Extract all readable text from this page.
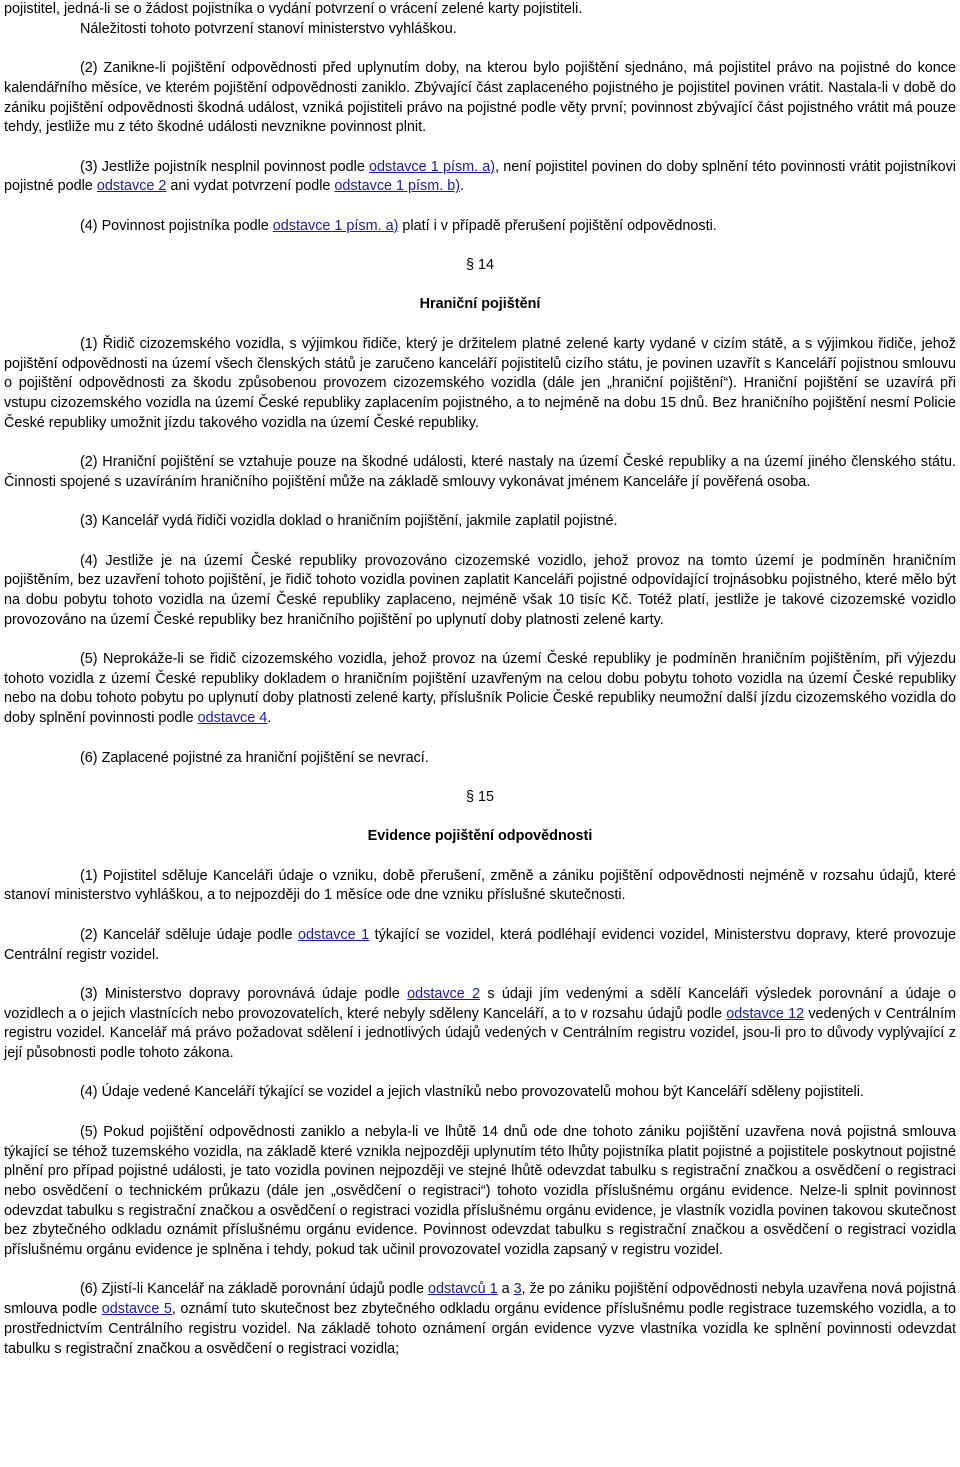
pojistitel, jedná-li se o žádost pojistníka o vydání potvrzení o vrácení zelené karty pojistiteli.

Náležitosti tohoto potvrzení stanoví ministerstvo vyhláškou.

(2) Zanikne-li pojištění odpovědnosti před uplynutím doby, na kterou bylo pojištění sjednáno, má pojistitel právo na pojistné do konce kalendářního měsíce, ve kterém pojištění odpovědnosti zaniklo. Zbývající část zaplaceného pojistného je pojistitel povinen vrátit. Nastala-li v době do zániku pojištění odpovědnosti škodná událost, vzniká pojistiteli právo na pojistné podle věty první; povinnost zbývající část pojistného vrátit má pouze tehdy, jestliže mu z této škodné události nevznikne povinnost plnit.

(3) Jestliže pojistník nesplnil povinnost podle odstavce 1 písm. a), není pojistitel povinen do doby splnění této povinnosti vrátit pojistníkovi pojistné podle odstavce 2 ani vydat potvrzení podle odstavce 1 písm. b).

(4) Povinnost pojistníka podle odstavce 1 písm. a) platí i v případě přerušení pojištění odpovědnosti.

§ 14

Hraniční pojištění

(1) Řidič cizozemského vozidla, s výjimkou řidiče, který je držitelem platné zelené karty vydané v cizím státě, a s výjimkou řidiče, jehož pojištění odpovědnosti na území všech členských států je zaručeno kanceláří pojistitelů cizího státu, je povinen uzavřít s Kanceláří pojistnou smlouvu o pojištění odpovědnosti za škodu způsobenou provozem cizozemského vozidla (dále jen „hraniční pojištění“). Hraniční pojištění se uzavírá při vstupu cizozemského vozidla na území České republiky zaplacením pojistného, a to nejméně na dobu 15 dnů. Bez hraničního pojištění nesmí Policie České republiky umožnit jízdu takového vozidla na území České republiky.

(2) Hraniční pojištění se vztahuje pouze na škodné události, které nastaly na území České republiky a na území jiného členského státu. Činnosti spojené s uzavíráním hraničního pojištění může na základě smlouvy vykonávat jménem Kanceláře jí pověřená osoba.

(3) Kancelář vydá řidiči vozidla doklad o hraničním pojištění, jakmile zaplatil pojistné.

(4) Jestliže je na území České republiky provozováno cizozemské vozidlo, jehož provoz na tomto území je podmíněn hraničním pojištěním, bez uzavření tohoto pojištění, je řidič tohoto vozidla povinen zaplatit Kanceláři pojistné odpovídající trojnásobku pojistného, které mělo být na dobu pobytu tohoto vozidla na území České republiky zaplaceno, nejméně však 10 tisíc Kč. Totéž platí, jestliže je takové cizozemské vozidlo provozováno na území České republiky bez hraničního pojištění po uplynutí doby platnosti zelené karty.

(5) Neprokáže-li se řidič cizozemského vozidla, jehož provoz na území České republiky je podmíněn hraničním pojištěním, při výjezdu tohoto vozidla z území České republiky dokladem o hraničním pojištění uzavřeným na celou dobu pobytu tohoto vozidla na území České republiky nebo na dobu tohoto pobytu po uplynutí doby platnosti zelené karty, příslušník Policie České republiky neumožní další jízdu cizozemského vozidla do doby splnění povinnosti podle odstavce 4.

(6) Zaplacené pojistné za hraniční pojištění se nevrací.

§ 15

Evidence pojištění odpovědnosti

(1) Pojistitel sděluje Kanceláři údaje o vzniku, době přerušení, změně a zániku pojištění odpovědnosti nejméně v rozsahu údajů, které stanoví ministerstvo vyhláškou, a to nejpozději do 1 měsíce ode dne vzniku příslušné skutečnosti.

(2) Kancelář sděluje údaje podle odstavce 1 týkající se vozidel, která podléhají evidenci vozidel, Ministerstvu dopravy, které provozuje Centrální registr vozidel.

(3) Ministerstvo dopravy porovnává údaje podle odstavce 2 s údaji jím vedenými a sdělí Kanceláři výsledek porovnání a údaje o vozidlech a o jejich vlastnících nebo provozovatelích, které nebyly sděleny Kanceláří, a to v rozsahu údajů podle odstavce 12 vedených v Centrálním registru vozidel. Kancelář má právo požadovat sdělení i jednotlivých údajů vedených v Centrálním registru vozidel, jsou-li pro to důvody vyplývající z její působnosti podle tohoto zákona.

(4) Údaje vedené Kanceláří týkající se vozidel a jejich vlastníků nebo provozovatelů mohou být Kanceláří sděleny pojistiteli.

(5) Pokud pojištění odpovědnosti zaniklo a nebyla-li ve lhůtě 14 dnů ode dne tohoto zániku pojištění uzavřena nová pojistná smlouva týkající se téhož tuzemského vozidla, na základě které vznikla nejpozději uplynutím této lhůty pojistníka platit pojistné a pojistitele poskytnout pojistné plnění pro případ pojistné události, je tato vozidla povinen nejpozději ve stejné lhůtě odevzdat tabulku s registrační značkou a osvědčení o registraci nebo osvědčení o technickém průkazu (dále jen „osvědčení o registraci“) tohoto vozidla příslušnému orgánu evidence. Nelze-li splnit povinnost odevzdat tabulku s registrační značkou a osvědčení o registraci vozidla příslušnému orgánu evidence, je vlastník vozidla povinen takovou skutečnost bez zbytečného odkladu oznámit příslušnému orgánu evidence. Povinnost odevzdat tabulku s registrační značkou a osvědčení o registraci vozidla příslušnému orgánu evidence je splněna i tehdy, pokud tak učinil provozovatel vozidla zapsaný v registru vozidel.

(6) Zjistí-li Kancelář na základě porovnání údajů podle odstavců 1 a 3, že po zániku pojištění odpovědnosti nebyla uzavřena nová pojistná smlouva podle odstavce 5, oznámí tuto skutečnost bez zbytečného odkladu orgánu evidence příslušnému podle registrace tuzemského vozidla, a to prostřednictvím Centrálního registru vozidel. Na základě tohoto oznámení orgán evidence vyzve vlastníka vozidla ke splnění povinnosti odevzdat tabulku s registrační značkou a osvědčení o registraci vozidla;
